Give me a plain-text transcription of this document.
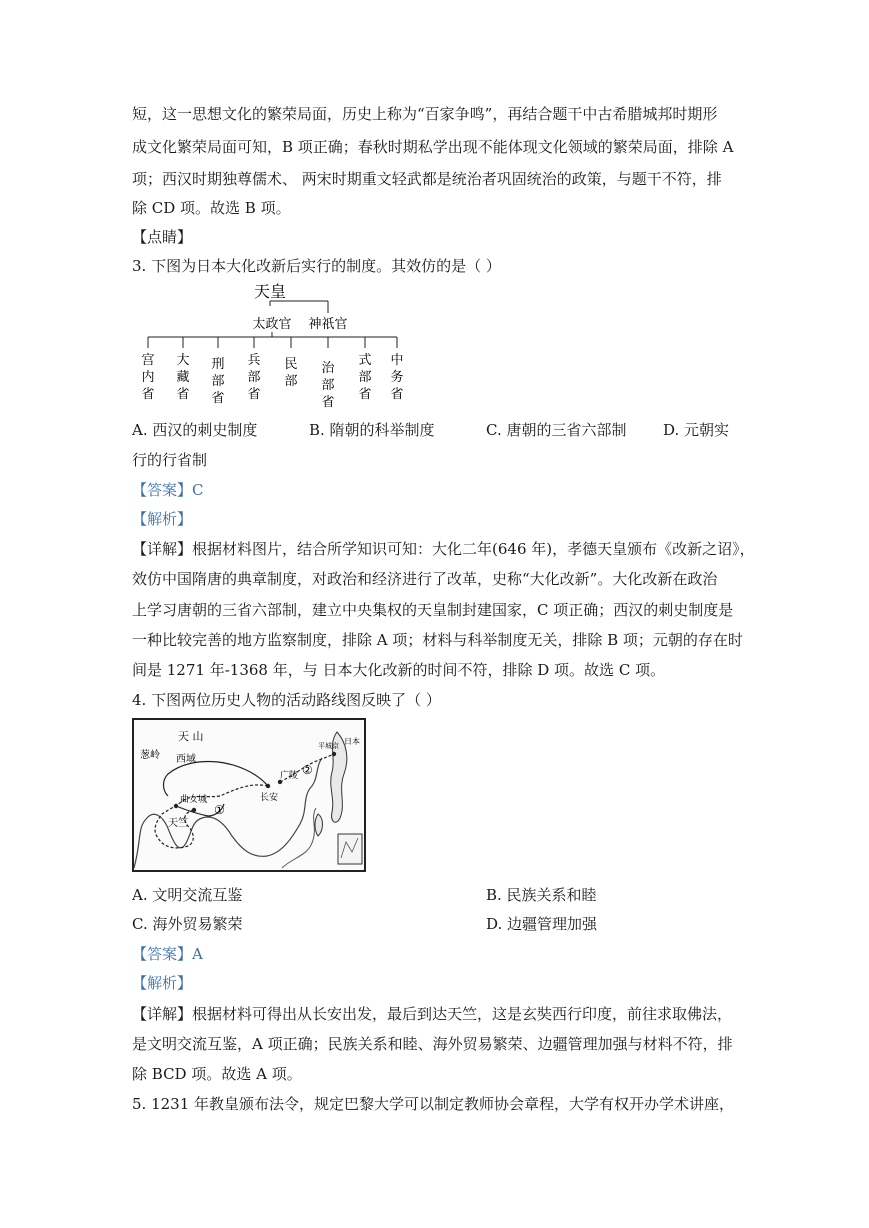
短，这一思想文化的繁荣局面，历史上称为“百家争鸣”，再结合题干中古希腊城邦时期形
成文化繁荣局面可知，B 项正确；春秋时期私学出现不能体现文化领域的繁荣局面，排除 A
项；西汉时期独尊儒术、 两宋时期重文轻武都是统治者巩固统治的政策，与题干不符，排
除 CD 项。故选 B 项。
【点睛】
3. 下图为日本大化改新后实行的制度。其效仿的是（ ）
天皇
太政官 神祇官
宫内省
大藏省
刑部省
兵部省
民部
治部省
式部省
中务省
A. 西汉的刺史制度	B. 隋朝的科举制度	C. 唐朝的三省六部制 D. 元朝实
行的行省制
【答案】C
【解析】
【详解】根据材料图片，结合所学知识可知：大化二年(646 年)，孝德天皇颁布《改新之诏》，
效仿中国隋唐的典章制度，对政治和经济进行了改革，史称“大化改新”。大化改新在政治
上学习唐朝的三省六部制，建立中央集权的天皇制封建国家，C 项正确；西汉的刺史制度是
一种比较完善的地方监察制度，排除 A 项；材料与科举制度无关，排除 B 项；元朝的存在时
间是 1271 年-1368 年，与 日本大化改新的时间不符，排除 D 项。故选 C 项。
4. 下图两位历史人物的活动路线图反映了（ ）
天 山
葱岭 西域
曲女城
天竺
长安
广陵
平城京 日本
①
②
A. 文明交流互鉴	B. 民族关系和睦
C. 海外贸易繁荣	D. 边疆管理加强
【答案】A
【解析】
【详解】根据材料可得出从长安出发，最后到达天竺，这是玄奘西行印度，前往求取佛法，
是文明交流互鉴，A 项正确；民族关系和睦、海外贸易繁荣、边疆管理加强与材料不符，排
除 BCD 项。故选 A 项。
5. 1231 年教皇颁布法令，规定巴黎大学可以制定教师协会章程，大学有权开办学术讲座，
